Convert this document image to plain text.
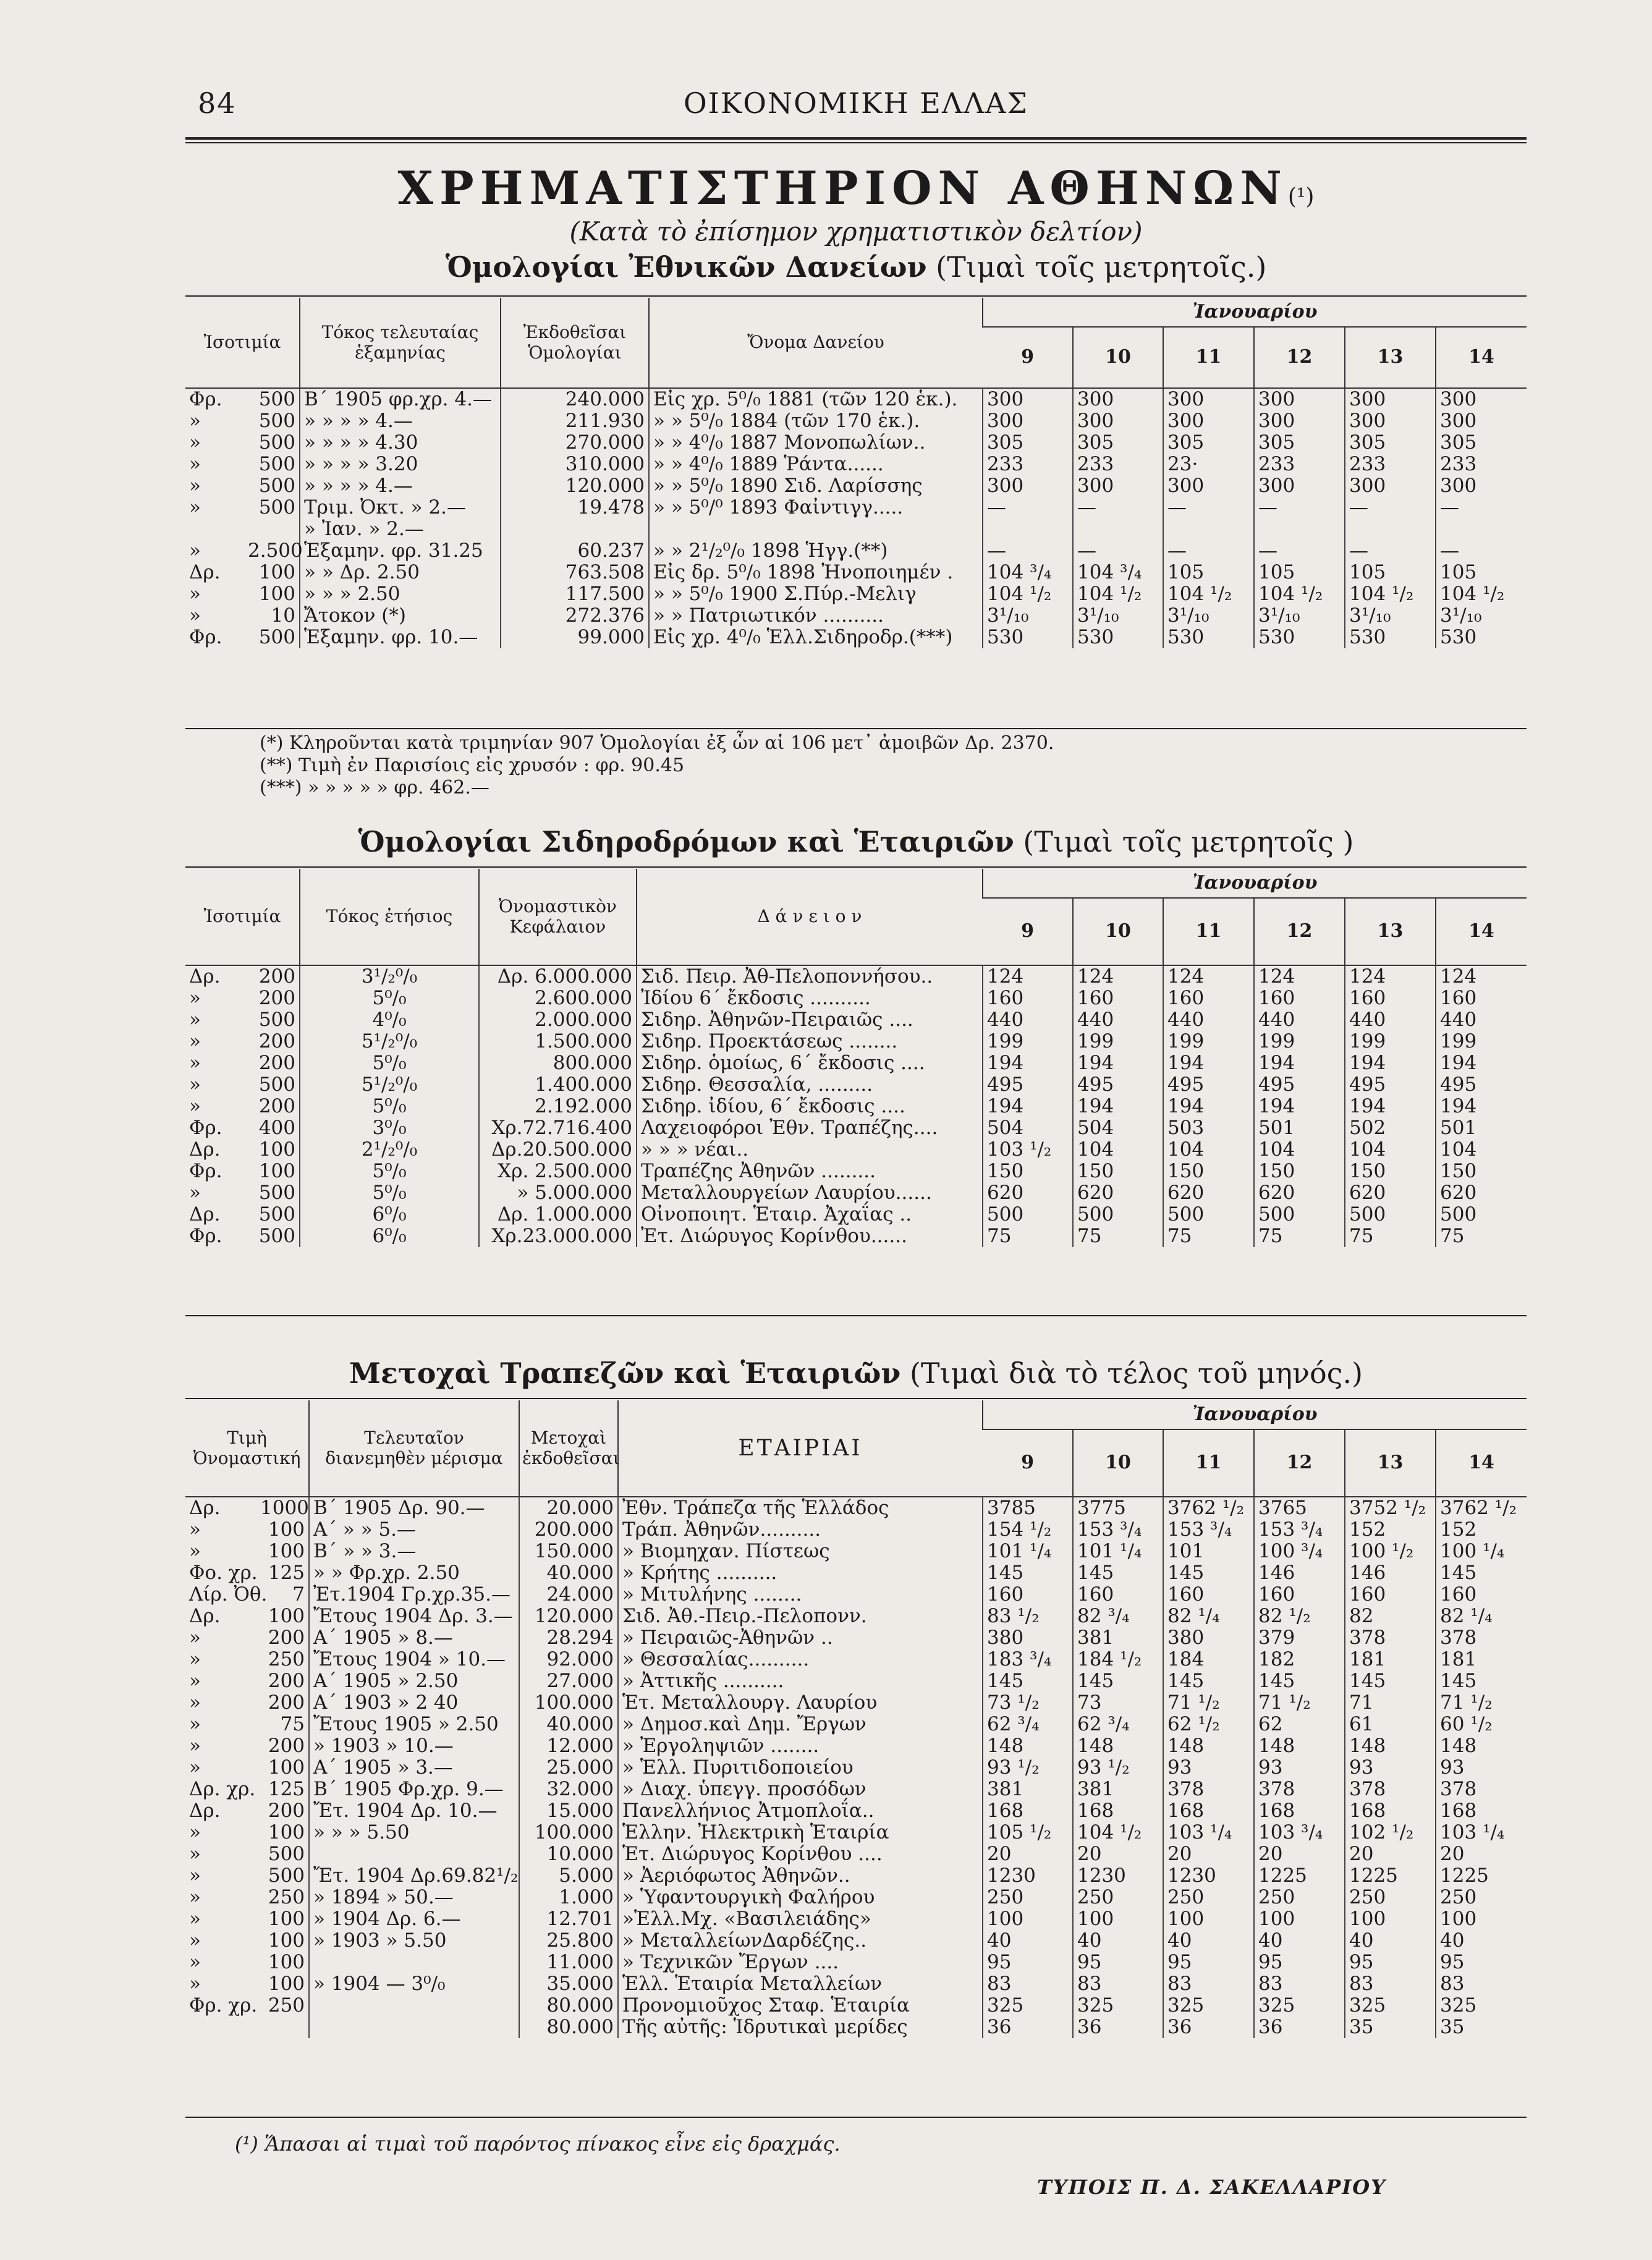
84	ΟΙΚΟΝΟΜΙΚΗ ΕΛΛΑΣ
ΧΡΗΜΑΤΙΣΤΗΡΙΟΝ ΑΘΗΝΩΝ(¹)
(Κατὰ τὸ ἐπίσημον χρηματιστικὸν δελτίον)
Ὁμολογίαι Ἐθνικῶν Δανείων (Τιμαὶ τοῖς μετρητοῖς.)
Ἰσοτιμία		Τόκος τελευταίας ἑξαμηνίας	Ἐκδοθεῖσαι Ὁμολογίαι	Ὄνομα Δανείου	Ἰανουαρίου					
					9	10	11	12	13	14
Φρ.	500	Β΄ 1905 φρ.χρ. 4.—	240.000	Εἰς χρ. 5⁰/₀ 1881 (τῶν 120 ἑκ.).	300	300	300	300	300	300
»	500	» » » » 4.—	211.930	» » 5⁰/₀ 1884 (τῶν 170 ἑκ.).	300	300	300	300	300	300
»	500	» » » » 4.30	270.000	» » 4⁰/₀ 1887 Μονοπωλίων..	305	305	305	305	305	305
»	500	» » » » 3.20	310.000	» » 4⁰/₀ 1889 Ῥάντα......	233	233	23·	233	233	233
»	500	» » » » 4.—	120.000	» » 5⁰/₀ 1890 Σιδ. Λαρίσσης	300	300	300	300	300	300
»	500	Τριμ. Ὀκτ. » 2.—	19.478	» » 5⁰/⁰ 1893 Φαἰντιγγ.....	—	—	—	—	—	—
		» Ἰαν. » 2.—								
»	2.500	Ἑξαμην. φρ. 31.25	60.237	» » 2¹/₂⁰/₀ 1898 Ἡγγ.(**)	—	—	—	—	—	—
Δρ.	100	» » Δρ. 2.50	763.508	Εἰς δρ. 5⁰/₀ 1898 Ἠνοποιημέν .	104 ³/₄	104 ³/₄	105	105	105	105
»	100	» » » 2.50	117.500	» » 5⁰/₀ 1900 Σ.Πύρ.-Μελιγ	104 ¹/₂	104 ¹/₂	104 ¹/₂	104 ¹/₂	104 ¹/₂	104 ¹/₂
»	10	Ἄτοκον (*)	272.376	» » Πατριωτικόν ..........	3¹/₁₀	3¹/₁₀	3¹/₁₀	3¹/₁₀	3¹/₁₀	3¹/₁₀
Φρ.	500	Ἑξαμην. φρ. 10.—	99.000	Εἰς χρ. 4⁰/₀ Ἑλλ.Σιδηροδρ.(***)	530	530	530	530	530	530
(*) Κληροῦνται κατὰ τριμηνίαν 907 Ὁμολογίαι ἐξ ὧν αἱ 106 μετ᾽ ἀμοιβῶν Δρ. 2370.
(**) Τιμὴ ἐν Παρισίοις εἰς χρυσόν : φρ. 90.45
(***) » » » » » φρ. 462.—
Ὁμολογίαι Σιδηροδρόμων καὶ Ἑταιριῶν (Τιμαὶ τοῖς μετρητοῖς )
Ἰσοτιμία		Τόκος ἐτήσιος	Ὀνομαστικὸν Κεφάλαιον	Δ ά ν ε ι ο ν	Ἰανουαρίου					
					9	10	11	12	13	14
Δρ.	200	3¹/₂⁰/₀	Δρ. 6.000.000	Σιδ. Πειρ. Ἀθ-Πελοποννήσου..	124	124	124	124	124	124
»	200	5⁰/₀	2.600.000	Ἰδίου 6΄ ἔκδοσις ..........	160	160	160	160	160	160
»	500	4⁰/₀	2.000.000	Σιδηρ. Ἀθηνῶν-Πειραιῶς ....	440	440	440	440	440	440
»	200	5¹/₂⁰/₀	1.500.000	Σιδηρ. Προεκτάσεως ........	199	199	199	199	199	199
»	200	5⁰/₀	800.000	Σιδηρ. ὁμοίως, 6΄ ἔκδοσις ....	194	194	194	194	194	194
»	500	5¹/₂⁰/₀	1.400.000	Σιδηρ. Θεσσαλία, .........	495	495	495	495	495	495
»	200	5⁰/₀	2.192.000	Σιδηρ. ἰδίου, 6΄ ἔκδοσις ....	194	194	194	194	194	194
Φρ.	400	3⁰/₀	Χρ.72.716.400	Λαχειοφόροι Ἐθν. Τραπέζης....	504	504	503	501	502	501
Δρ.	100	2¹/₂⁰/₀	Δρ.20.500.000	» » » νέαι..	103 ¹/₂	104	104	104	104	104
Φρ.	100	5⁰/₀	Χρ. 2.500.000	Τραπέζης Ἀθηνῶν .........	150	150	150	150	150	150
»	500	5⁰/₀	» 5.000.000	Μεταλλουργείων Λαυρίου......	620	620	620	620	620	620
Δρ.	500	6⁰/₀	Δρ. 1.000.000	Οἰνοποιητ. Ἑταιρ. Ἀχαΐας ..	500	500	500	500	500	500
Φρ.	500	6⁰/₀	Χρ.23.000.000	Ἐτ. Διώρυγος Κορίνθου......	75	75	75	75	75	75
Μετοχαὶ Τραπεζῶν καὶ Ἑταιριῶν (Τιμαὶ διὰ τὸ τέλος τοῦ μηνός.)
Τιμὴ Ὀνομαστική		Τελευταῖον διανεμηθὲν μέρισμα	Μετοχαὶ ἐκδοθεῖσαι	ΕΤΑΙΡΙΑΙ	Ἰανουαρίου					
					9	10	11	12	13	14
Δρ.	1000	Β΄ 1905 Δρ. 90.—	20.000	Ἐθν. Τράπεζα τῆς Ἑλλάδος	3785	3775	3762 ¹/₂	3765	3752 ¹/₂	3762 ¹/₂
»	100	Α΄ » » 5.—	200.000	Τράπ. Ἀθηνῶν..........	154 ¹/₂	153 ³/₄	153 ³/₄	153 ³/₄	152	152
»	100	Β΄ » » 3.—	150.000	» Βιομηχαν. Πίστεως	101 ¹/₄	101 ¹/₄	101	100 ³/₄	100 ¹/₂	100 ¹/₄
Φο. χρ.	125	» » Φρ.χρ. 2.50	40.000	» Κρήτης ..........	145	145	145	146	146	145
Λίρ. Ὀθ.	7	Ἐτ.1904 Γρ.χρ.35.—	24.000	» Μιτυλήνης ........	160	160	160	160	160	160
Δρ.	100	Ἔτους 1904 Δρ. 3.—	120.000	Σιδ. Ἀθ.-Πειρ.-Πελοπονν.	83 ¹/₂	82 ³/₄	82 ¹/₄	82 ¹/₂	82	82 ¹/₄
»	200	Α΄ 1905 » 8.—	28.294	» Πειραιῶς-Ἀθηνῶν ..	380	381	380	379	378	378
»	250	Ἔτους 1904 » 10.—	92.000	» Θεσσαλίας..........	183 ³/₄	184 ¹/₂	184	182	181	181
»	200	Α΄ 1905 » 2.50	27.000	» Ἀττικῆς ..........	145	145	145	145	145	145
»	200	Α΄ 1903 » 2 40	100.000	Ἑτ. Μεταλλουργ. Λαυρίου	73 ¹/₂	73	71 ¹/₂	71 ¹/₂	71	71 ¹/₂
»	75	Ἔτους 1905 » 2.50	40.000	» Δημοσ.καὶ Δημ. Ἔργων	62 ³/₄	62 ³/₄	62 ¹/₂	62	61	60 ¹/₂
»	200	» 1903 » 10.—	12.000	» Ἐργοληψιῶν ........	148	148	148	148	148	148
»	100	Α΄ 1905 » 3.—	25.000	» Ἑλλ. Πυριτιδοποιείου	93 ¹/₂	93 ¹/₂	93	93	93	93
Δρ. χρ.	125	Β΄ 1905 Φρ.χρ. 9.—	32.000	» Διαχ. ὑπεγγ. προσόδων	381	381	378	378	378	378
Δρ.	200	Ἔτ. 1904 Δρ. 10.—	15.000	Πανελλήνιος Ἀτμοπλοΐα..	168	168	168	168	168	168
»	100	» » » 5.50	100.000	Ἑλλην. Ἠλεκτρικὴ Ἑταιρία	105 ¹/₂	104 ¹/₂	103 ¹/₄	103 ³/₄	102 ¹/₂	103 ¹/₄
»	500		10.000	Ἑτ. Διώρυγος Κορίνθου ....	20	20	20	20	20	20
»	500	Ἔτ. 1904 Δρ.69.82¹/₂	5.000	» Ἀεριόφωτος Ἀθηνῶν..	1230	1230	1230	1225	1225	1225
»	250	» 1894 » 50.—	1.000	» Ὑφαντουργικὴ Φαλήρου	250	250	250	250	250	250
»	100	» 1904 Δρ. 6.—	12.701	»Ἑλλ.Μχ. «Βασιλειάδης»	100	100	100	100	100	100
»	100	» 1903 » 5.50	25.800	» ΜεταλλείωνΔαρδέζης..	40	40	40	40	40	40
»	100		11.000	» Τεχνικῶν Ἔργων ....	95	95	95	95	95	95
»	100	» 1904 — 3⁰/₀	35.000	Ἑλλ. Ἑταιρία Μεταλλείων	83	83	83	83	83	83
Φρ. χρ.	250		80.000	Προνομιοῦχος Σταφ. Ἑταιρία	325	325	325	325	325	325
			80.000	Τῆς αὐτῆς: Ἱδρυτικαὶ μερίδες	36	36	36	36	35	35
(¹) Ἅπασαι αἱ τιμαὶ τοῦ παρόντος πίνακος εἶνε εἰς δραχμάς.
ΤΥΠΟΙΣ Π. Δ. ΣΑΚΕΛΛΑΡΙΟΥ
